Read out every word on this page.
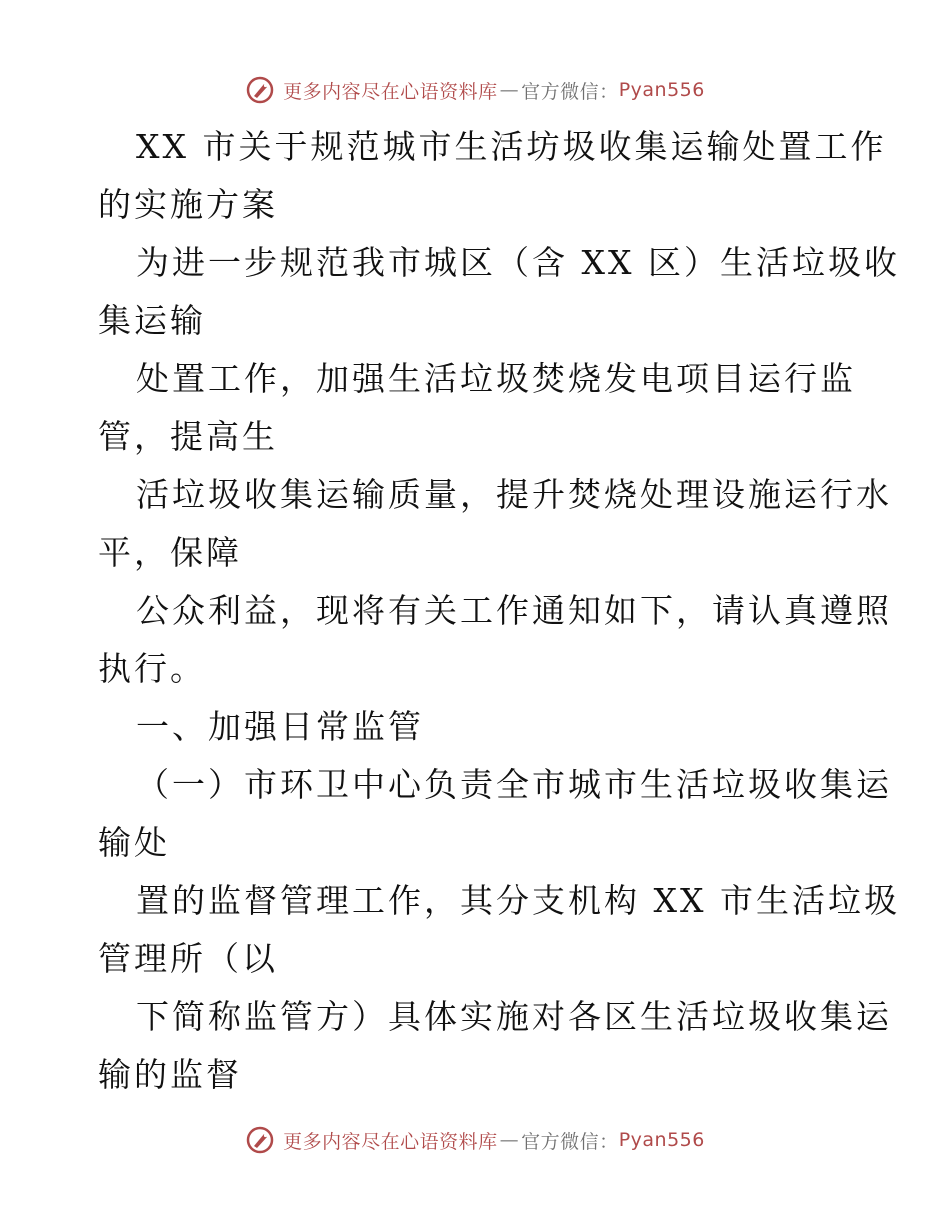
更多内容尽在心语资料库 — 官方微信： Pyan556
XX 市关于规范城市生活坊圾收集运输处置工作
的实施方案
为进一步规范我市城区（含 XX 区）生活垃圾收
集运输
处置工作，加强生活垃圾焚烧发电项目运行监
管，提高生
活垃圾收集运输质量，提升焚烧处理设施运行水
平，保障
公众利益，现将有关工作通知如下，请认真遵照
执行。
一、加强日常监管
（一）市环卫中心负责全市城市生活垃圾收集运
输处
置的监督管理工作，其分支机构 XX 市生活垃圾
管理所（以
下简称监管方）具体实施对各区生活垃圾收集运
输的监督
更多内容尽在心语资料库 — 官方微信： Pyan556
